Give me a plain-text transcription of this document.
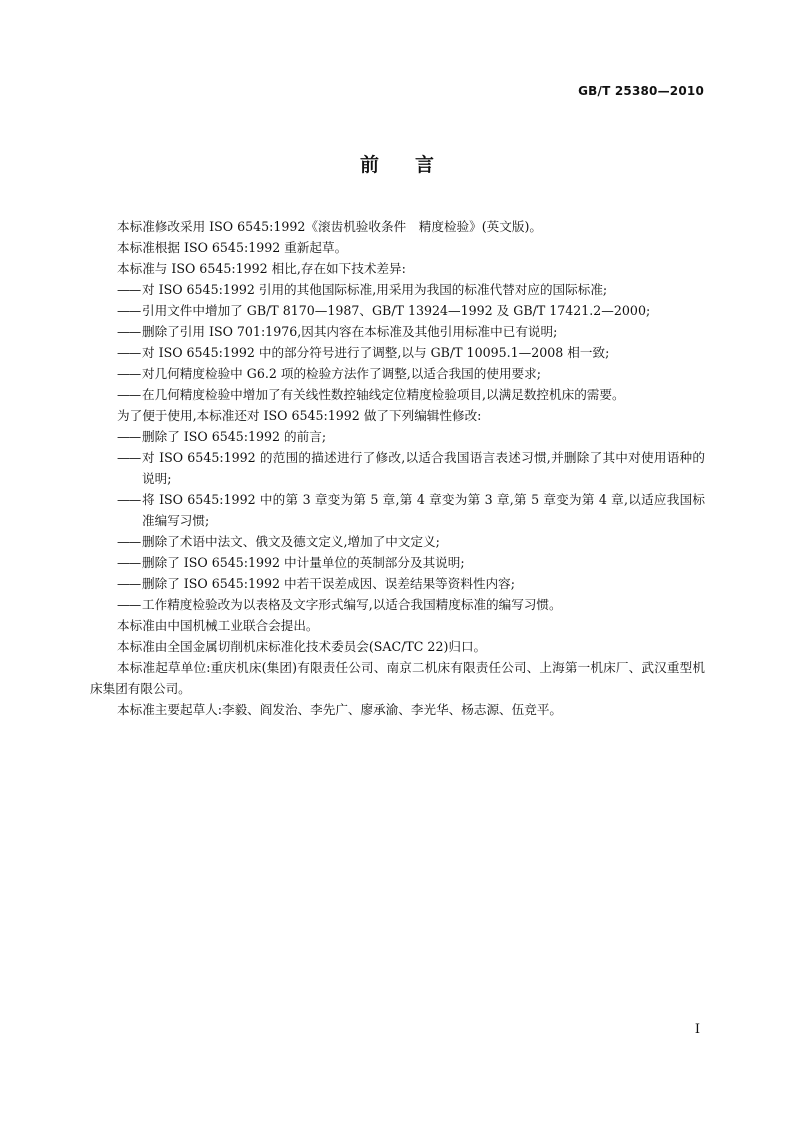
GB/T 25380—2010
前言

本标准修改采用 ISO 6545:1992《滚齿机验收条件　精度检验》(英文版)。

本标准根据 ISO 6545:1992 重新起草。

本标准与 ISO 6545:1992 相比,存在如下技术差异:

—— 对 ISO 6545:1992 引用的其他国际标准,用采用为我国的标准代替对应的国际标准;
—— 引用文件中增加了 GB/T 8170—1987、GB/T 13924—1992 及 GB/T 17421.2—2000;
—— 删除了引用 ISO 701:1976,因其内容在本标准及其他引用标准中已有说明;
—— 对 ISO 6545:1992 中的部分符号进行了调整,以与 GB/T 10095.1—2008 相一致;
—— 对几何精度检验中 G6.2 项的检验方法作了调整,以适合我国的使用要求;
—— 在几何精度检验中增加了有关线性数控轴线定位精度检验项目,以满足数控机床的需要。

为了便于使用,本标准还对 ISO 6545:1992 做了下列编辑性修改:

—— 删除了 ISO 6545:1992 的前言;
—— 对 ISO 6545:1992 的范围的描述进行了修改,以适合我国语言表述习惯,并删除了其中对使用语种的说明;
—— 将 ISO 6545:1992 中的第 3 章变为第 5 章,第 4 章变为第 3 章,第 5 章变为第 4 章,以适应我国标准编写习惯;
—— 删除了术语中法文、俄文及德文定义,增加了中文定义;
—— 删除了 ISO 6545:1992 中计量单位的英制部分及其说明;
—— 删除了 ISO 6545:1992 中若干误差成因、误差结果等资料性内容;
—— 工作精度检验改为以表格及文字形式编写,以适合我国精度标准的编写习惯。

本标准由中国机械工业联合会提出。

本标准由全国金属切削机床标准化技术委员会(SAC/TC 22)归口。

本标准起草单位:重庆机床(集团)有限责任公司、南京二机床有限责任公司、上海第一机床厂、武汉重型机床集团有限公司。

本标准主要起草人:李毅、阎发治、李先广、廖承渝、李光华、杨志源、伍竞平。

I
